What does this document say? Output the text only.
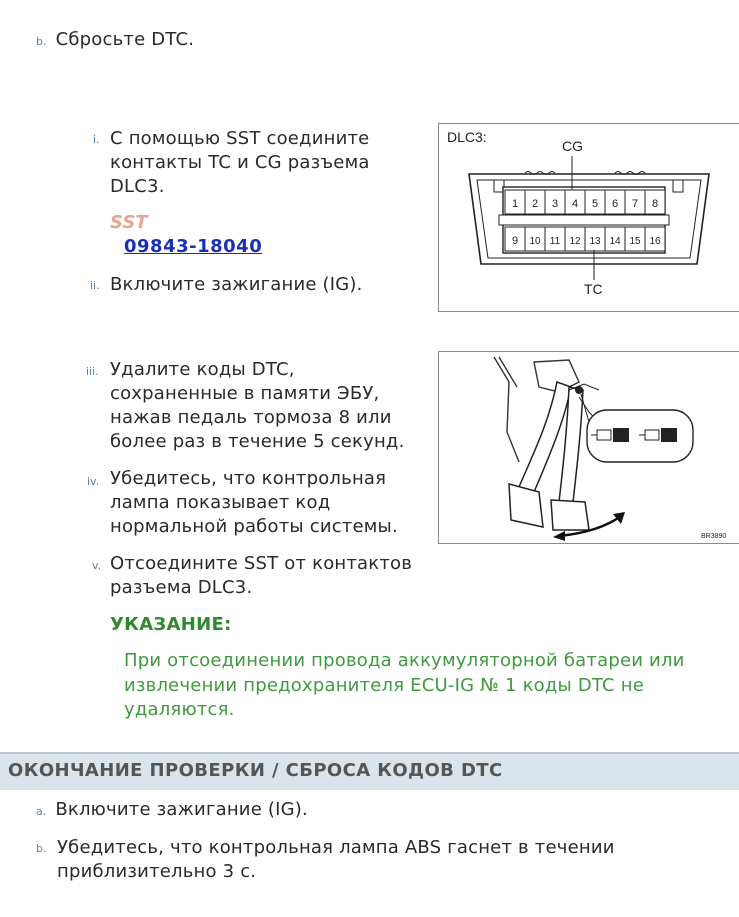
b. Сбросьте DTC.
i. С помощью SST соедините
контакты TC и CG разъема
DLC3.
SST
09843-18040
ii. Включите зажигание (IG).
iii. Удалите коды DTC,
сохраненные в памяти ЭБУ,
нажав педаль тормоза 8 или
более раз в течение 5 секунд.
iv. Убедитесь, что контрольная
лампа показывает код
нормальной работы системы.
v. Отсоедините SST от контактов
разъема DLC3.
УКАЗАНИЕ:
При отсоединении провода аккумуляторной батареи или
извлечении предохранителя ECU-IG № 1 коды DTC не
удаляются.
ОКОНЧАНИЕ ПРОВЕРКИ / СБРОСА КОДОВ DTC
a. Включите зажигание (IG).
b. Убедитесь, что контрольная лампа ABS гаснет в течении
приблизительно 3 с.
DLC3:
CG
TC
1 2 3 4 5 6 7 8
9 10 11 12 13 14 15 16
BR3890
